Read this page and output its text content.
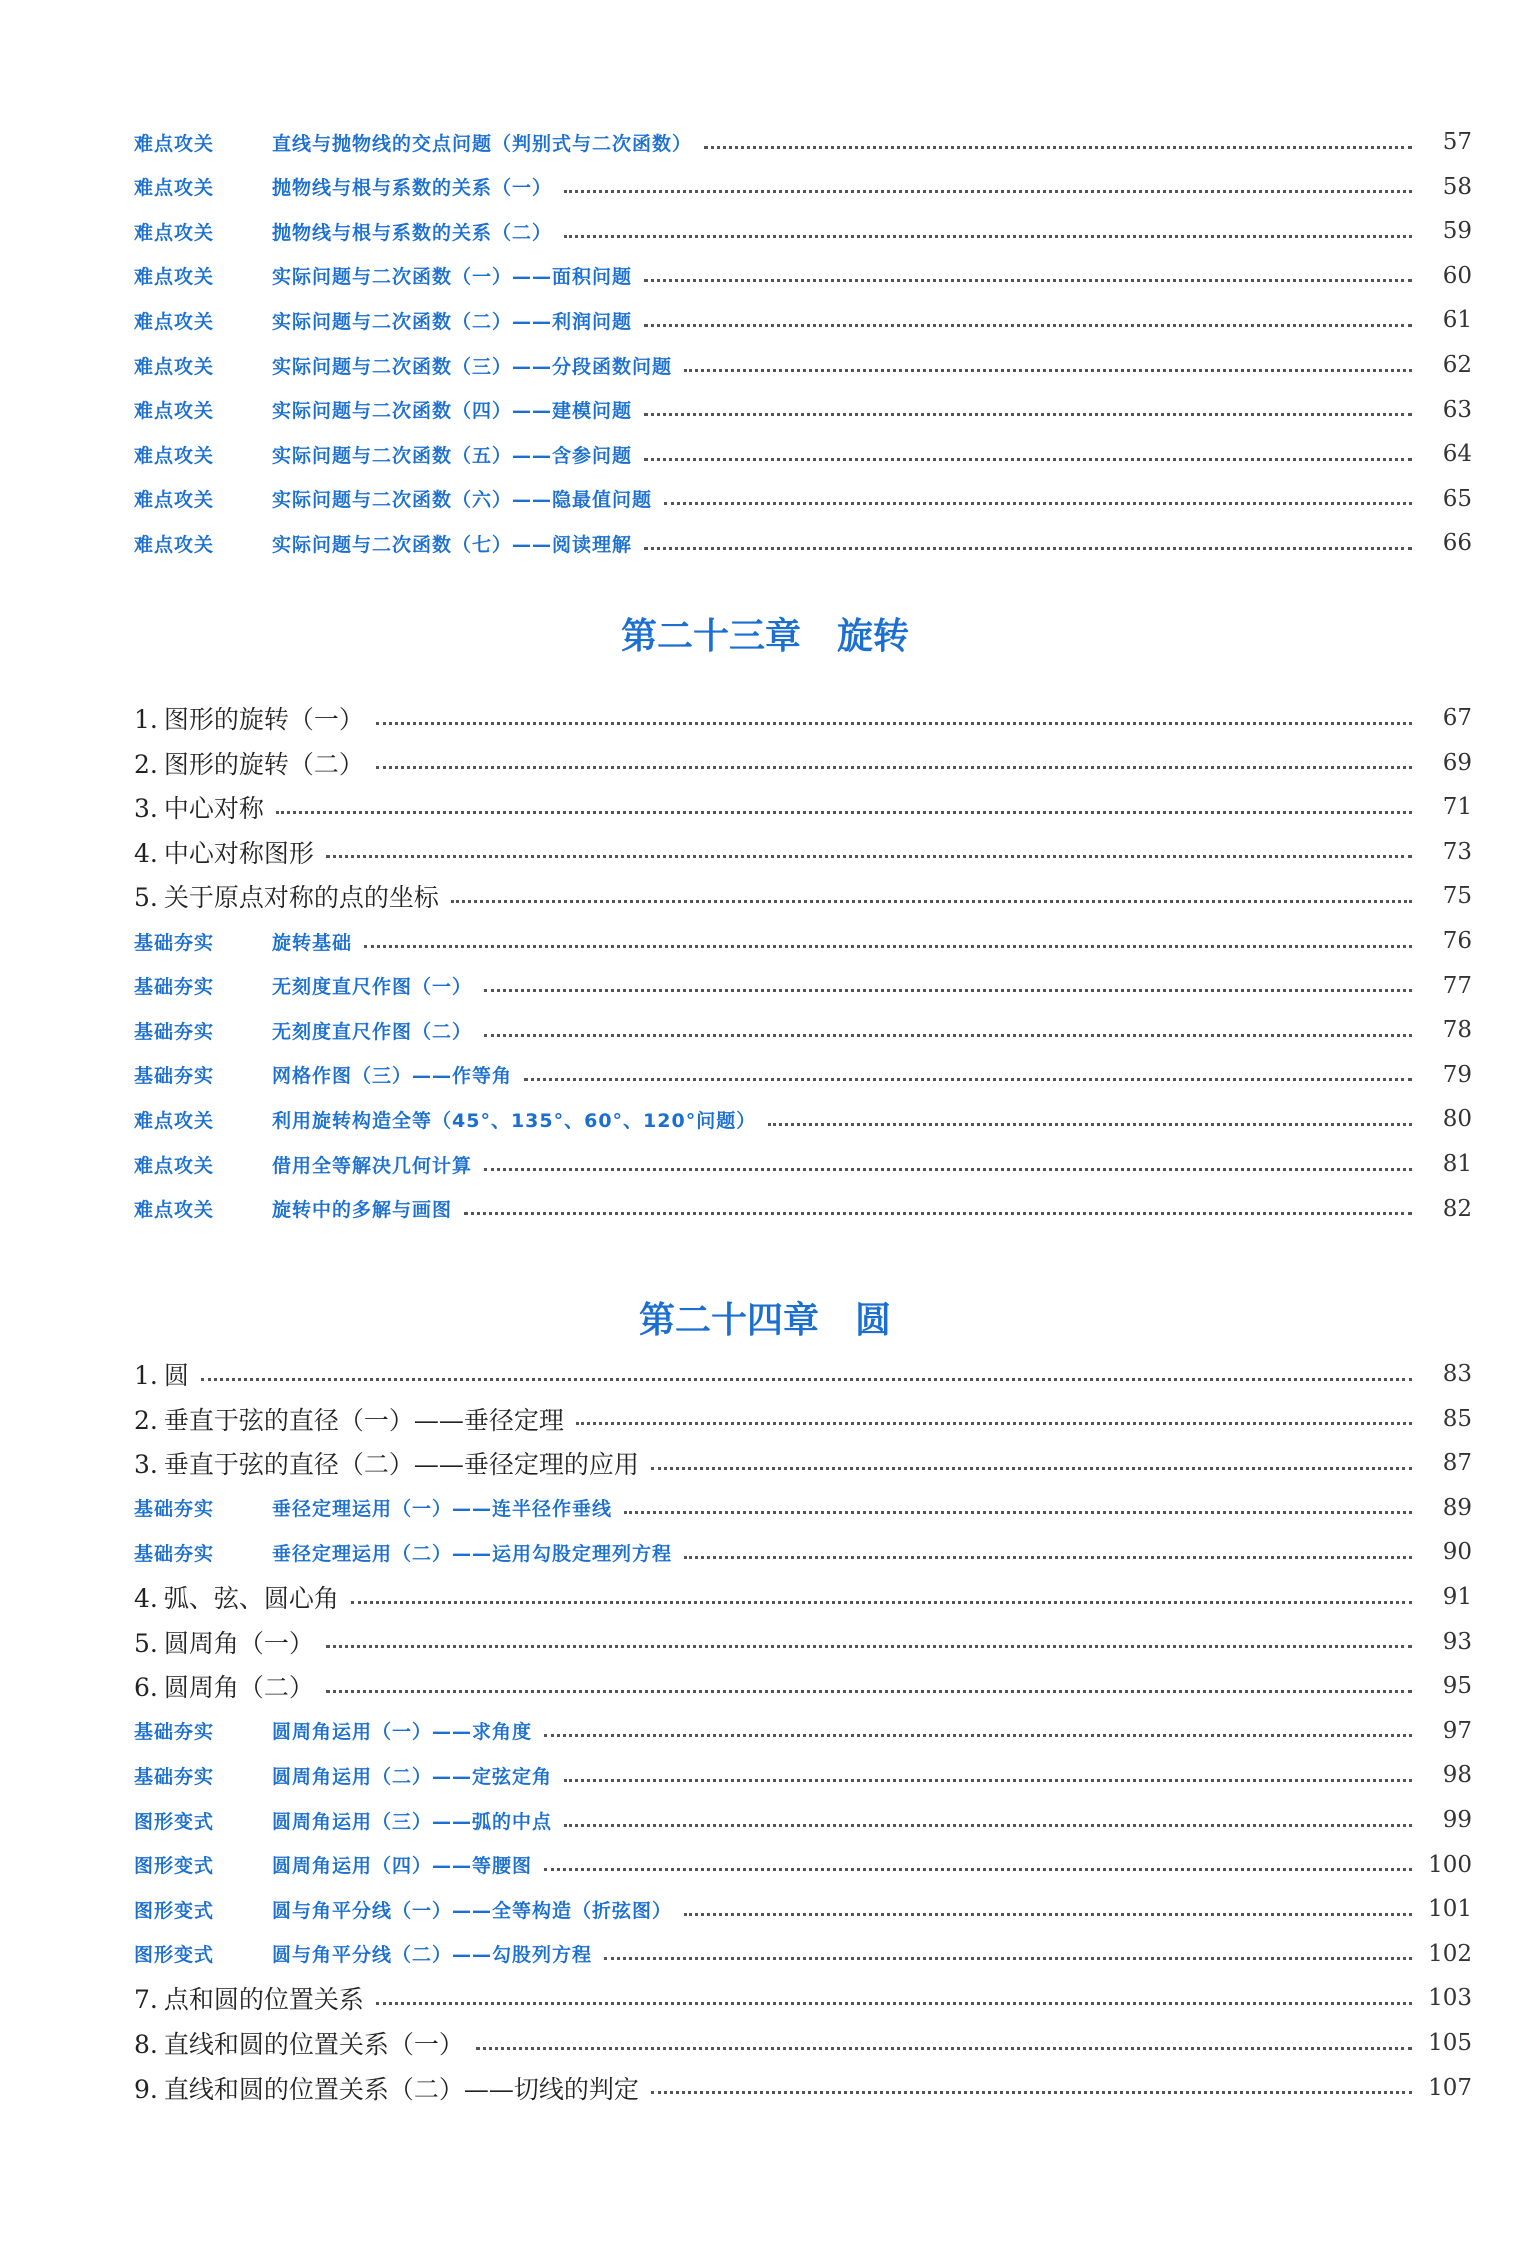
难点攻关	直线与抛物线的交点问题（判别式与二次函数）	57
难点攻关	抛物线与根与系数的关系（一）	58
难点攻关	抛物线与根与系数的关系（二）	59
难点攻关	实际问题与二次函数（一）——面积问题	60
难点攻关	实际问题与二次函数（二）——利润问题	61
难点攻关	实际问题与二次函数（三）——分段函数问题	62
难点攻关	实际问题与二次函数（四）——建模问题	63
难点攻关	实际问题与二次函数（五）——含参问题	64
难点攻关	实际问题与二次函数（六）——隐最值问题	65
难点攻关	实际问题与二次函数（七）——阅读理解	66
第二十三章 旋转
1. 图形的旋转（一）	67
2. 图形的旋转（二）	69
3. 中心对称	71
4. 中心对称图形	73
5. 关于原点对称的点的坐标	75
基础夯实	旋转基础	76
基础夯实	无刻度直尺作图（一）	77
基础夯实	无刻度直尺作图（二）	78
基础夯实	网格作图（三）——作等角	79
难点攻关	利用旋转构造全等（45°、135°、60°、120°问题）	80
难点攻关	借用全等解决几何计算	81
难点攻关	旋转中的多解与画图	82
第二十四章 圆
1. 圆	83
2. 垂直于弦的直径（一）——垂径定理	85
3. 垂直于弦的直径（二）——垂径定理的应用	87
基础夯实	垂径定理运用（一）——连半径作垂线	89
基础夯实	垂径定理运用（二）——运用勾股定理列方程	90
4. 弧、弦、圆心角	91
5. 圆周角（一）	93
6. 圆周角（二）	95
基础夯实	圆周角运用（一）——求角度	97
基础夯实	圆周角运用（二）——定弦定角	98
图形变式	圆周角运用（三）——弧的中点	99
图形变式	圆周角运用（四）——等腰图	100
图形变式	圆与角平分线（一）——全等构造（折弦图）	101
图形变式	圆与角平分线（二）——勾股列方程	102
7. 点和圆的位置关系	103
8. 直线和圆的位置关系（一）	105
9. 直线和圆的位置关系（二）——切线的判定	107
